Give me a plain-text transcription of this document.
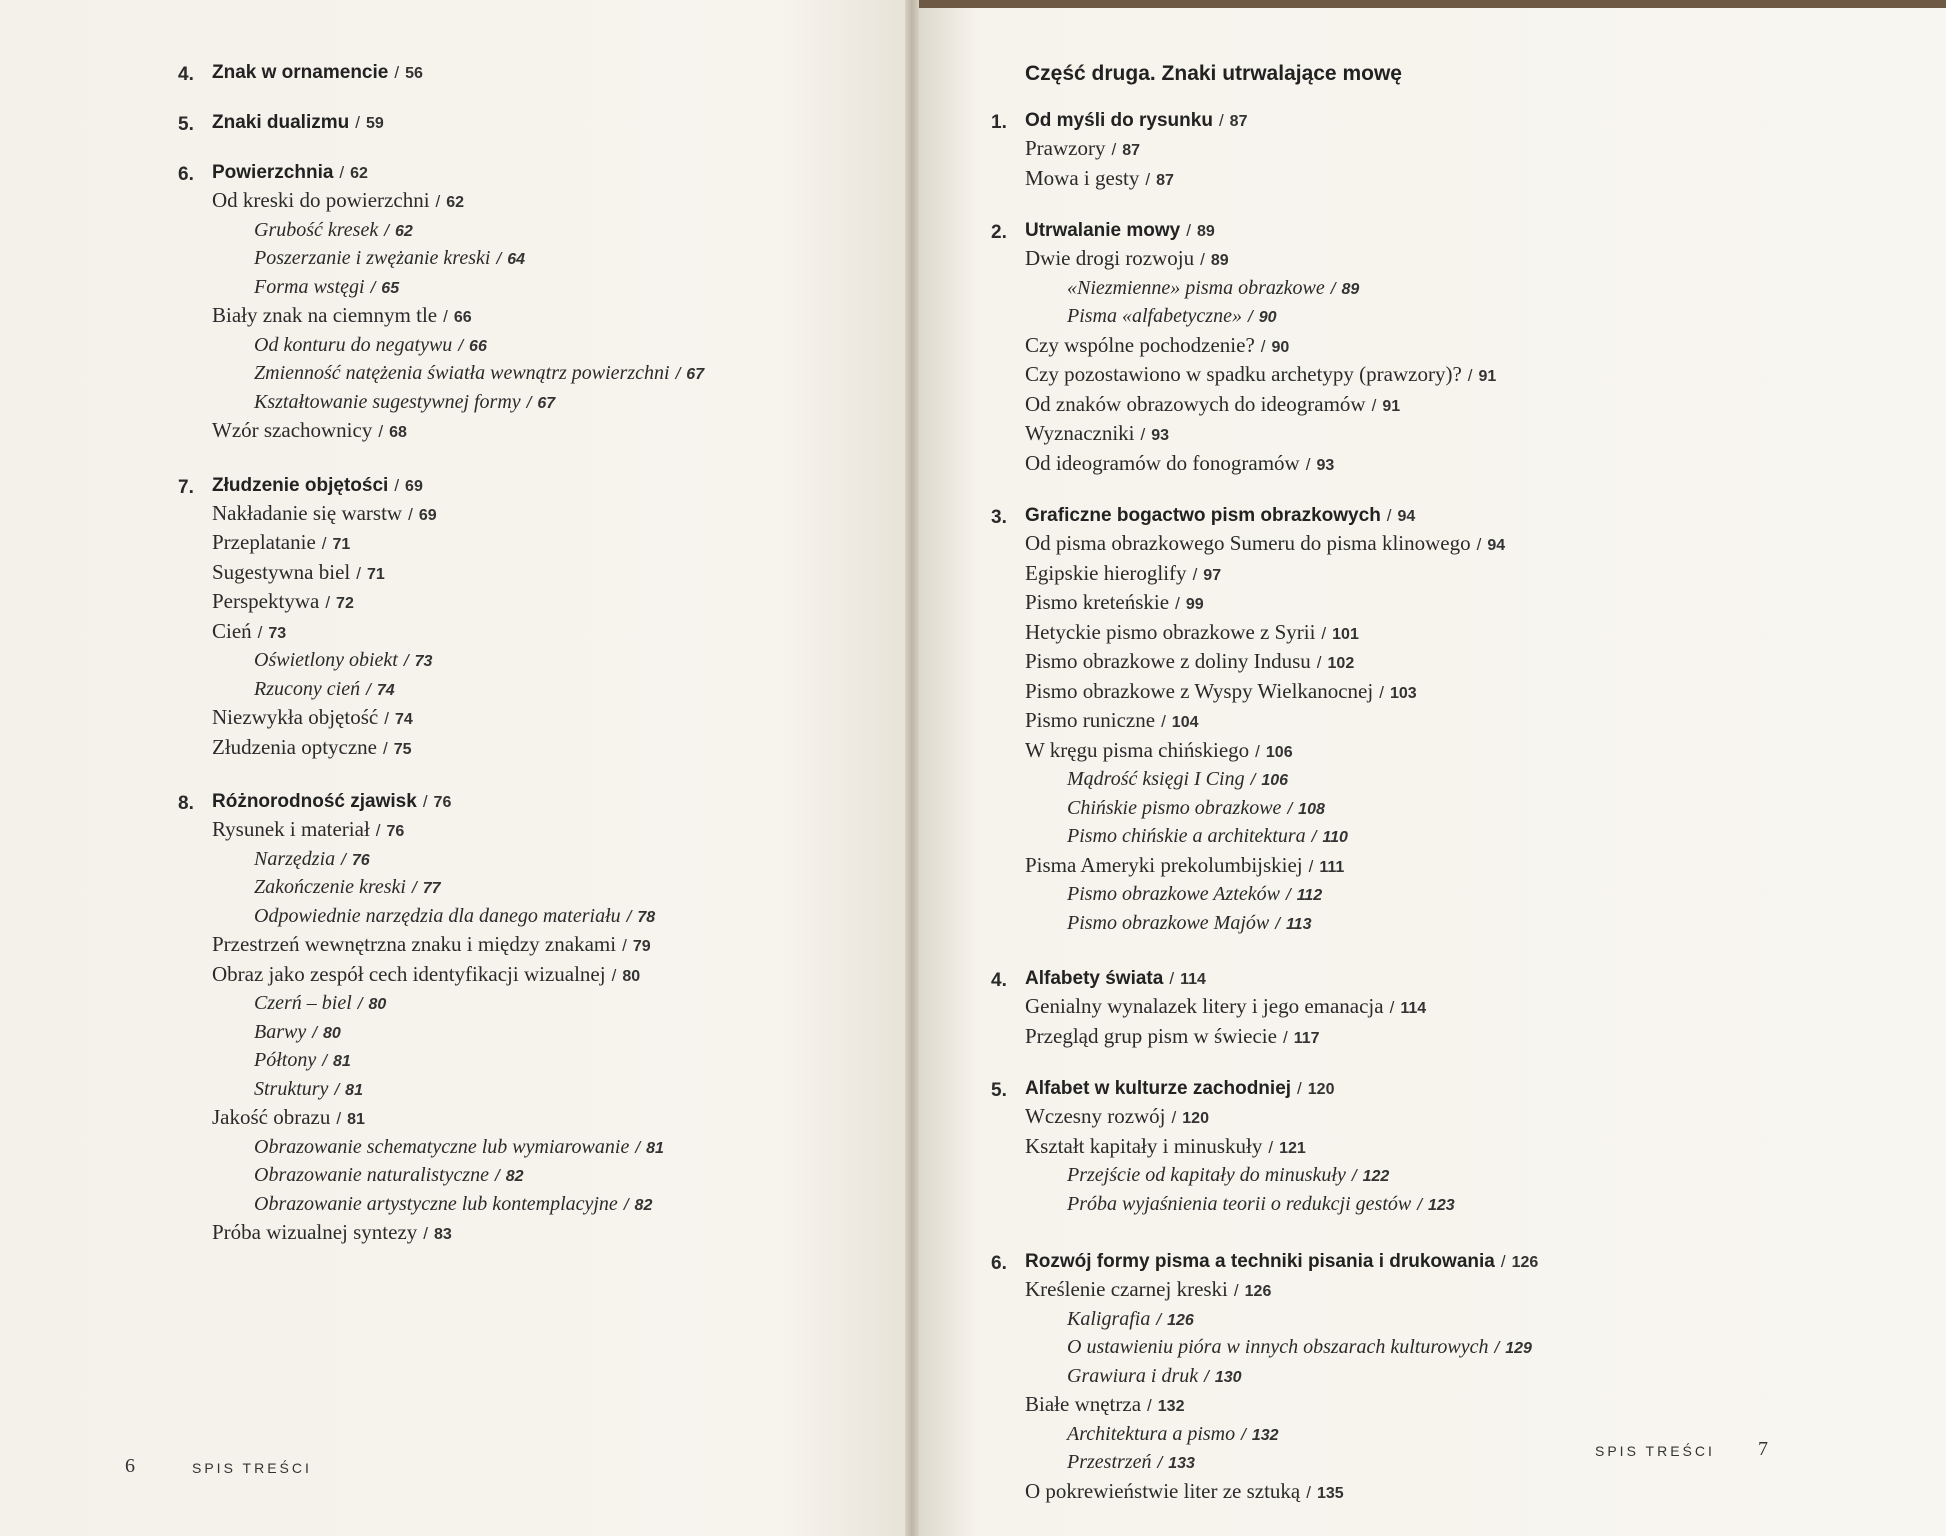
4. Znak w ornamencie / 56
5. Znaki dualizmu / 59
6. Powierzchnia / 62
Od kreski do powierzchni / 62
Grubość kresek / 62
Poszerzanie i zwężanie kreski / 64
Forma wstęgi / 65
Biały znak na ciemnym tle / 66
Od konturu do negatywu / 66
Zmienność natężenia światła wewnątrz powierzchni / 67
Kształtowanie sugestywnej formy / 67
Wzór szachownicy / 68
7. Złudzenie objętości / 69
Nakładanie się warstw / 69
Przeplatanie / 71
Sugestywna biel / 71
Perspektywa / 72
Cień / 73
Oświetlony obiekt / 73
Rzucony cień / 74
Niezwykła objętość / 74
Złudzenia optyczne / 75
8. Różnorodność zjawisk / 76
Rysunek i materiał / 76
Narzędzia / 76
Zakończenie kreski / 77
Odpowiednie narzędzia dla danego materiału / 78
Przestrzeń wewnętrzna znaku i między znakami / 79
Obraz jako zespół cech identyfikacji wizualnej / 80
Czerń – biel / 80
Barwy / 80
Półtony / 81
Struktury / 81
Jakość obrazu / 81
Obrazowanie schematyczne lub wymiarowanie / 81
Obrazowanie naturalistyczne / 82
Obrazowanie artystyczne lub kontemplacyjne / 82
Próba wizualnej syntezy / 83
Część druga. Znaki utrwalające mowę
1. Od myśli do rysunku / 87
Prawzory / 87
Mowa i gesty / 87
2. Utrwalanie mowy / 89
Dwie drogi rozwoju / 89
«Niezmienne» pisma obrazkowe / 89
Pisma «alfabetyczne» / 90
Czy wspólne pochodzenie? / 90
Czy pozostawiono w spadku archetypy (prawzory)? / 91
Od znaków obrazowych do ideogramów / 91
Wyznaczniki / 93
Od ideogramów do fonogramów / 93
3. Graficzne bogactwo pism obrazkowych / 94
Od pisma obrazkowego Sumeru do pisma klinowego / 94
Egipskie hieroglify / 97
Pismo kreteńskie / 99
Hetyckie pismo obrazkowe z Syrii / 101
Pismo obrazkowe z doliny Indusu / 102
Pismo obrazkowe z Wyspy Wielkanocnej / 103
Pismo runiczne / 104
W kręgu pisma chińskiego / 106
Mądrość księgi I Cing / 106
Chińskie pismo obrazkowe / 108
Pismo chińskie a architektura / 110
Pisma Ameryki prekolumbijskiej / 111
Pismo obrazkowe Azteków / 112
Pismo obrazkowe Majów / 113
4. Alfabety świata / 114
Genialny wynalazek litery i jego emanacja / 114
Przegląd grup pism w świecie / 117
5. Alfabet w kulturze zachodniej / 120
Wczesny rozwój / 120
Kształt kapitały i minuskuły / 121
Przejście od kapitały do minuskuły / 122
Próba wyjaśnienia teorii o redukcji gestów / 123
6. Rozwój formy pisma a techniki pisania i drukowania / 126
Kreślenie czarnej kreski / 126
Kaligrafia / 126
O ustawieniu pióra w innych obszarach kulturowych / 129
Grawiura i druk / 130
Białe wnętrza / 132
Architektura a pismo / 132
Przestrzeń / 133
O pokrewieństwie liter ze sztuką / 135
6	SPIS TREŚCI
SPIS TREŚCI 7
